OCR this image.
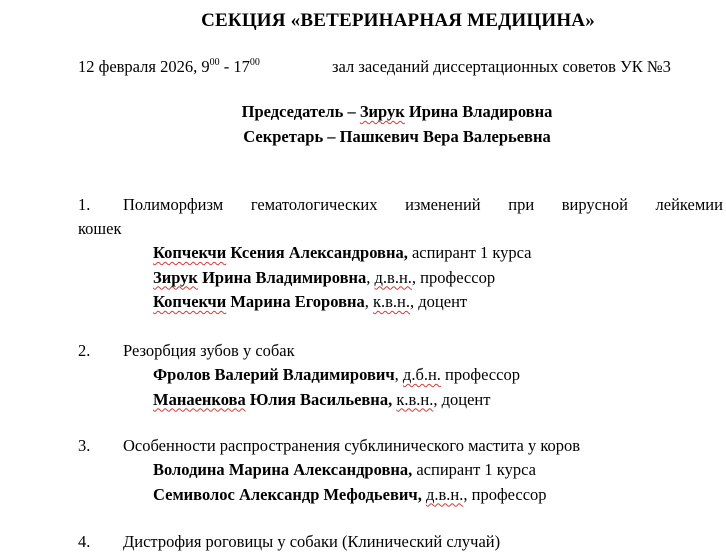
СЕКЦИЯ «ВЕТЕРИНАРНАЯ МЕДИЦИНА»
12 февраля 2026, $9^{00} - 17^{00}$	зал заседаний диссертационных советов УК №3
Председатель – Зирук Ирина Владировна
Секретарь – Пашкевич Вера Валерьевна
1. Полиморфизм гематологических изменений при вирусной лейкемии
кошек
Копчекчи Ксения Александровна, аспирант 1 курса
Зирук Ирина Владимировна, д.в.н., профессор
Копчекчи Марина Егоровна, к.в.н., доцент
2. Резорбция зубов у собак
Фролов Валерий Владимирович, д.б.н. профессор
Манаенкова Юлия Васильевна, к.в.н., доцент
3. Особенности распространения субклинического мастита у коров
Володина Марина Александровна, аспирант 1 курса
Семиволос Александр Мефодьевич, д.в.н., профессор
4. Дистрофия роговицы у собаки (Клинический случай)
